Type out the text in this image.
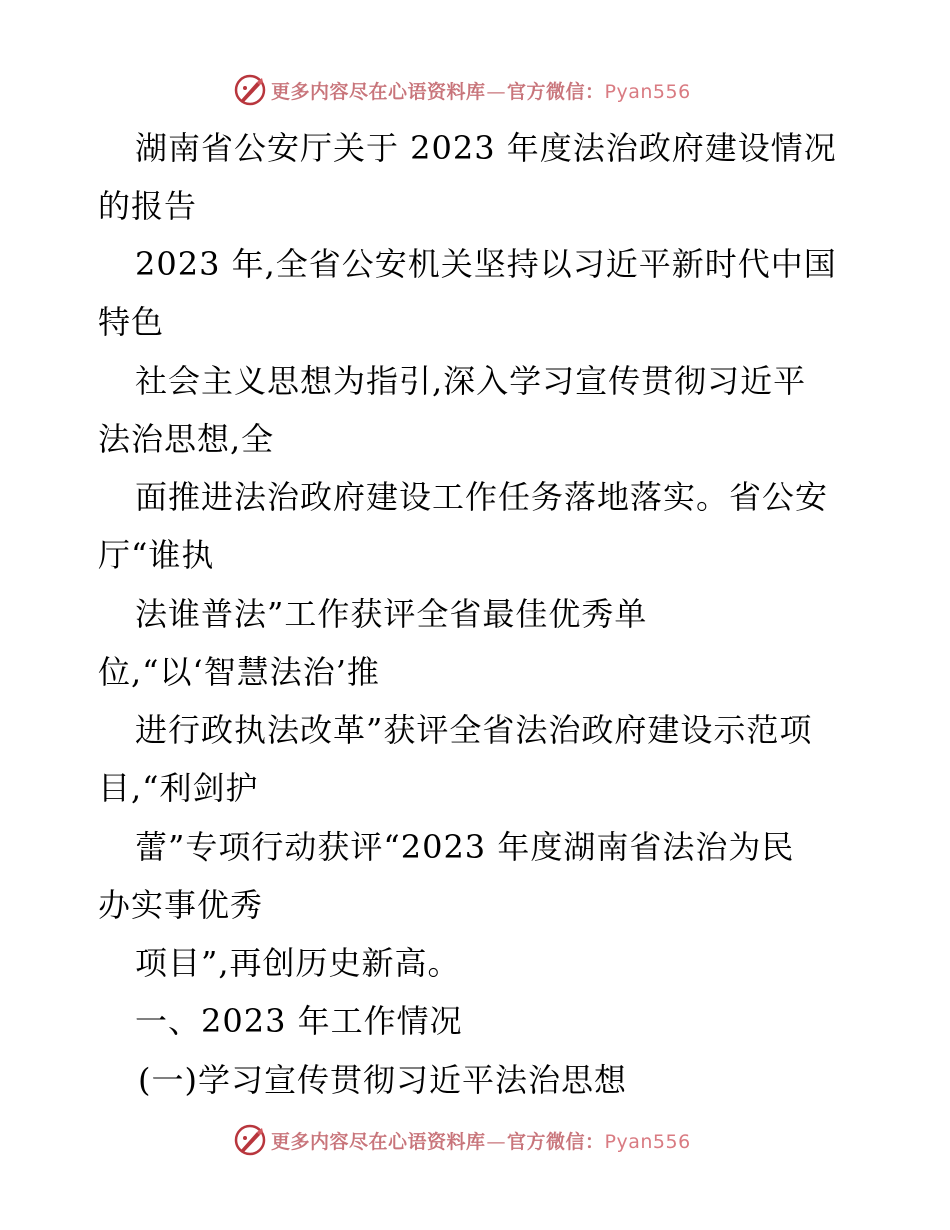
更多内容尽在心语资料库—官方微信：Pyan556
湖南省公安厅关于 2023 年度法治政府建设情况
的报告
2023 年,全省公安机关坚持以习近平新时代中国
特色
社会主义思想为指引,深入学习宣传贯彻习近平
法治思想,全
面推进法治政府建设工作任务落地落实。省公安
厅“谁执
法谁普法”工作获评全省最佳优秀单
位,“以‘智慧法治’推
进行政执法改革”获评全省法治政府建设示范项
目,“利剑护
蕾”专项行动获评“2023 年度湖南省法治为民
办实事优秀
项目”,再创历史新高。
一、2023 年工作情况
(一)学习宣传贯彻习近平法治思想
更多内容尽在心语资料库—官方微信：Pyan556
